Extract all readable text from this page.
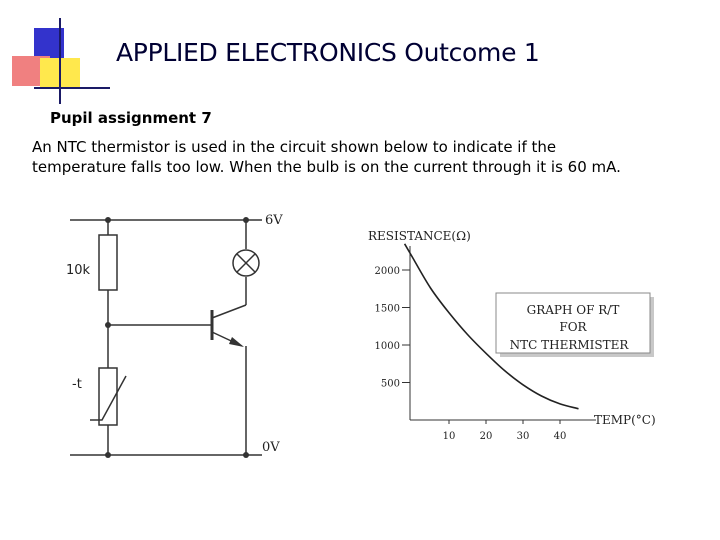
APPLIED ELECTRONICS Outcome 1
Pupil assignment 7
An NTC thermistor is used in the circuit shown below to indicate if the
temperature falls too low. When the bulb is on the current through it is 60 mA.
6V
0V
10k
-t
RESISTANCE(Ω)
TEMP(°C)
10 20 30 40
500
1000
1500
2000
GRAPH OF R/T
FOR
NTC THERMISTER
